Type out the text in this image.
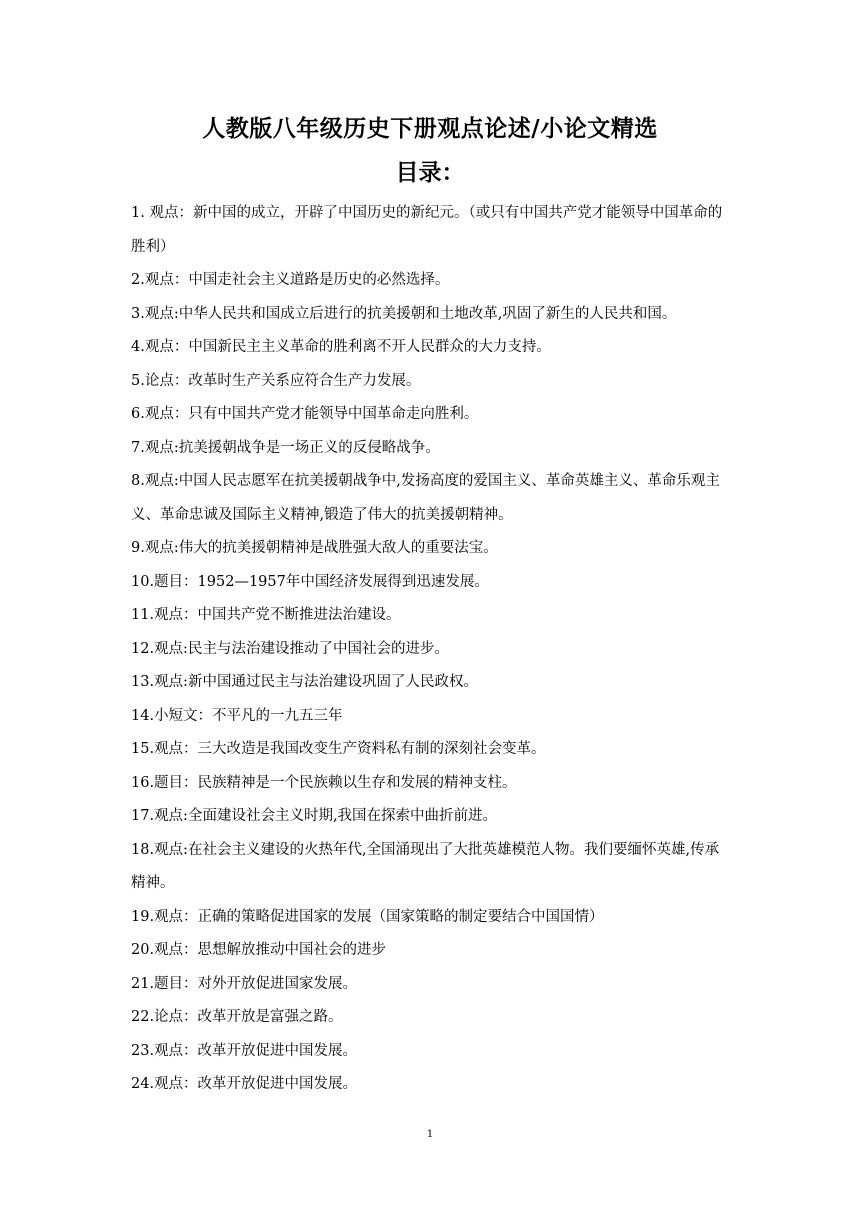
人教版八年级历史下册观点论述/小论文精选
目录：
1. 观点：新中国的成立，开辟了中国历史的新纪元。（或只有中国共产党才能领导中国革命的胜利）
2.观点：中国走社会主义道路是历史的必然选择。
3.观点:中华人民共和国成立后进行的抗美援朝和土地改革,巩固了新生的人民共和国。
4.观点：中国新民主主义革命的胜利离不开人民群众的大力支持。
5.论点：改革时生产关系应符合生产力发展。
6.观点：只有中国共产党才能领导中国革命走向胜利。
7.观点:抗美援朝战争是一场正义的反侵略战争。
8.观点:中国人民志愿军在抗美援朝战争中,发扬高度的爱国主义、革命英雄主义、革命乐观主义、革命忠诚及国际主义精神,锻造了伟大的抗美援朝精神。
9.观点:伟大的抗美援朝精神是战胜强大敌人的重要法宝。
10.题目：1952—1957年中国经济发展得到迅速发展。
11.观点：中国共产党不断推进法治建设。
12.观点:民主与法治建设推动了中国社会的进步。
13.观点:新中国通过民主与法治建设巩固了人民政权。
14.小短文：不平凡的一九五三年
15.观点：三大改造是我国改变生产资料私有制的深刻社会变革。
16.题目：民族精神是一个民族赖以生存和发展的精神支柱。
17.观点:全面建设社会主义时期,我国在探索中曲折前进。
18.观点:在社会主义建设的火热年代,全国涌现出了大批英雄模范人物。我们要缅怀英雄,传承精神。
19.观点：正确的策略促进国家的发展（国家策略的制定要结合中国国情）
20.观点：思想解放推动中国社会的进步
21.题目：对外开放促进国家发展。
22.论点：改革开放是富强之路。
23.观点：改革开放促进中国发展。
24.观点：改革开放促进中国发展。
1
